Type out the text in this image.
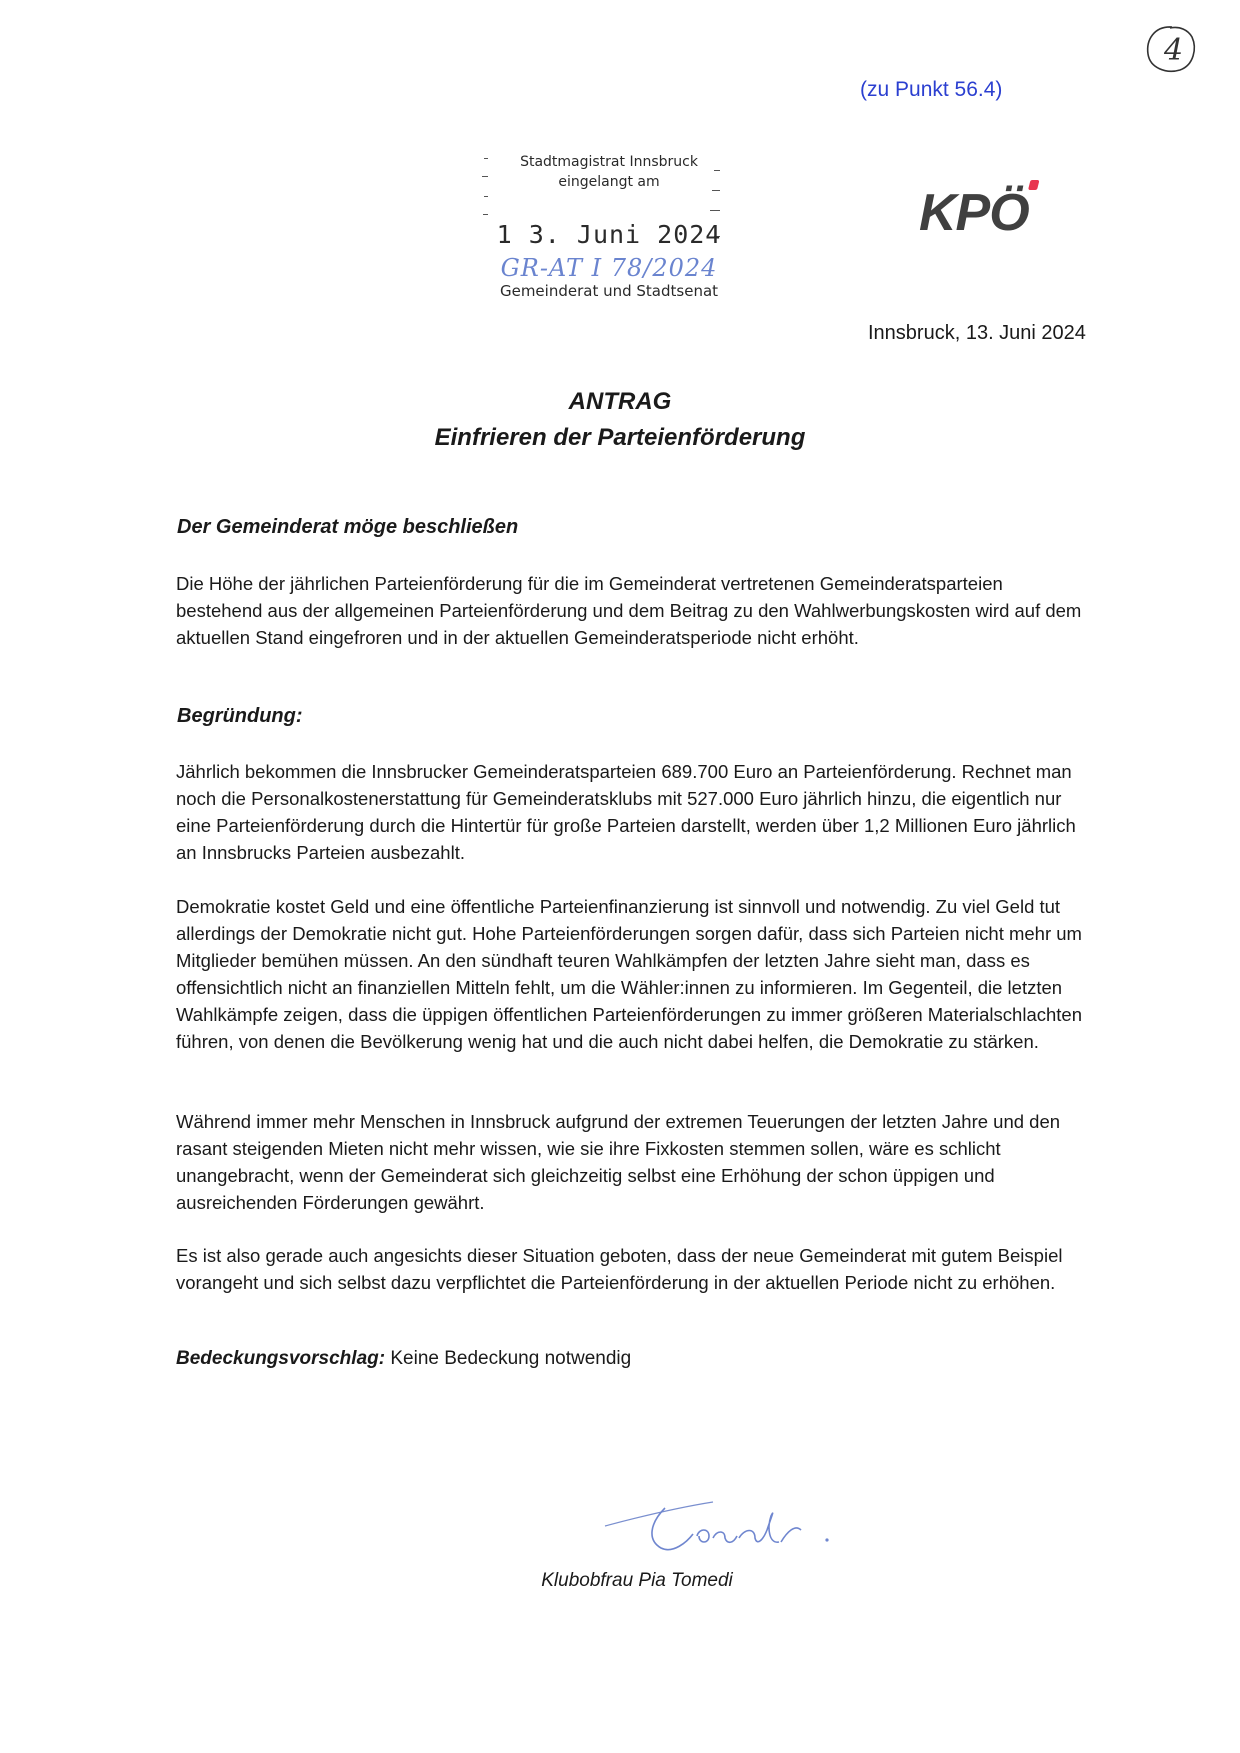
4
(zu Punkt 56.4)
Stadtmagistrat Innsbruck
eingelangt am
1 3. Juni 2024
GR-AT I 78/2024
Gemeinderat und Stadtsenat
KPÖ
Innsbruck, 13. Juni 2024
ANTRAG
Einfrieren der Parteienförderung
Der Gemeinderat möge beschließen

Die Höhe der jährlichen Parteienförderung für die im Gemeinderat vertretenen Gemeinderatsparteien bestehend aus der allgemeinen Parteienförderung und dem Beitrag zu den Wahlwerbungskosten wird auf dem aktuellen Stand eingefroren und in der aktuellen Gemeinderatsperiode nicht erhöht.

Begründung:

Jährlich bekommen die Innsbrucker Gemeinderatsparteien 689.700 Euro an Parteienförderung. Rechnet man noch die Personalkostenerstattung für Gemeinderatsklubs mit 527.000 Euro jährlich hinzu, die eigentlich nur eine Parteienförderung durch die Hintertür für große Parteien darstellt, werden über 1,2 Millionen Euro jährlich an Innsbrucks Parteien ausbezahlt.

Demokratie kostet Geld und eine öffentliche Parteienfinanzierung ist sinnvoll und notwendig. Zu viel Geld tut allerdings der Demokratie nicht gut. Hohe Parteienförderungen sorgen dafür, dass sich Parteien nicht mehr um Mitglieder bemühen müssen. An den sündhaft teuren Wahlkämpfen der letzten Jahre sieht man, dass es offensichtlich nicht an finanziellen Mitteln fehlt, um die Wähler:innen zu informieren. Im Gegenteil, die letzten Wahlkämpfe zeigen, dass die üppigen öffentlichen Parteienförderungen zu immer größeren Materialschlachten führen, von denen die Bevölkerung wenig hat und die auch nicht dabei helfen, die Demokratie zu stärken.

Während immer mehr Menschen in Innsbruck aufgrund der extremen Teuerungen der letzten Jahre und den rasant steigenden Mieten nicht mehr wissen, wie sie ihre Fixkosten stemmen sollen, wäre es schlicht unangebracht, wenn der Gemeinderat sich gleichzeitig selbst eine Erhöhung der schon üppigen und ausreichenden Förderungen gewährt.

Es ist also gerade auch angesichts dieser Situation geboten, dass der neue Gemeinderat mit gutem Beispiel vorangeht und sich selbst dazu verpflichtet die Parteienförderung in der aktuellen Periode nicht zu erhöhen.

Bedeckungsvorschlag: Keine Bedeckung notwendig
Klubobfrau Pia Tomedi
